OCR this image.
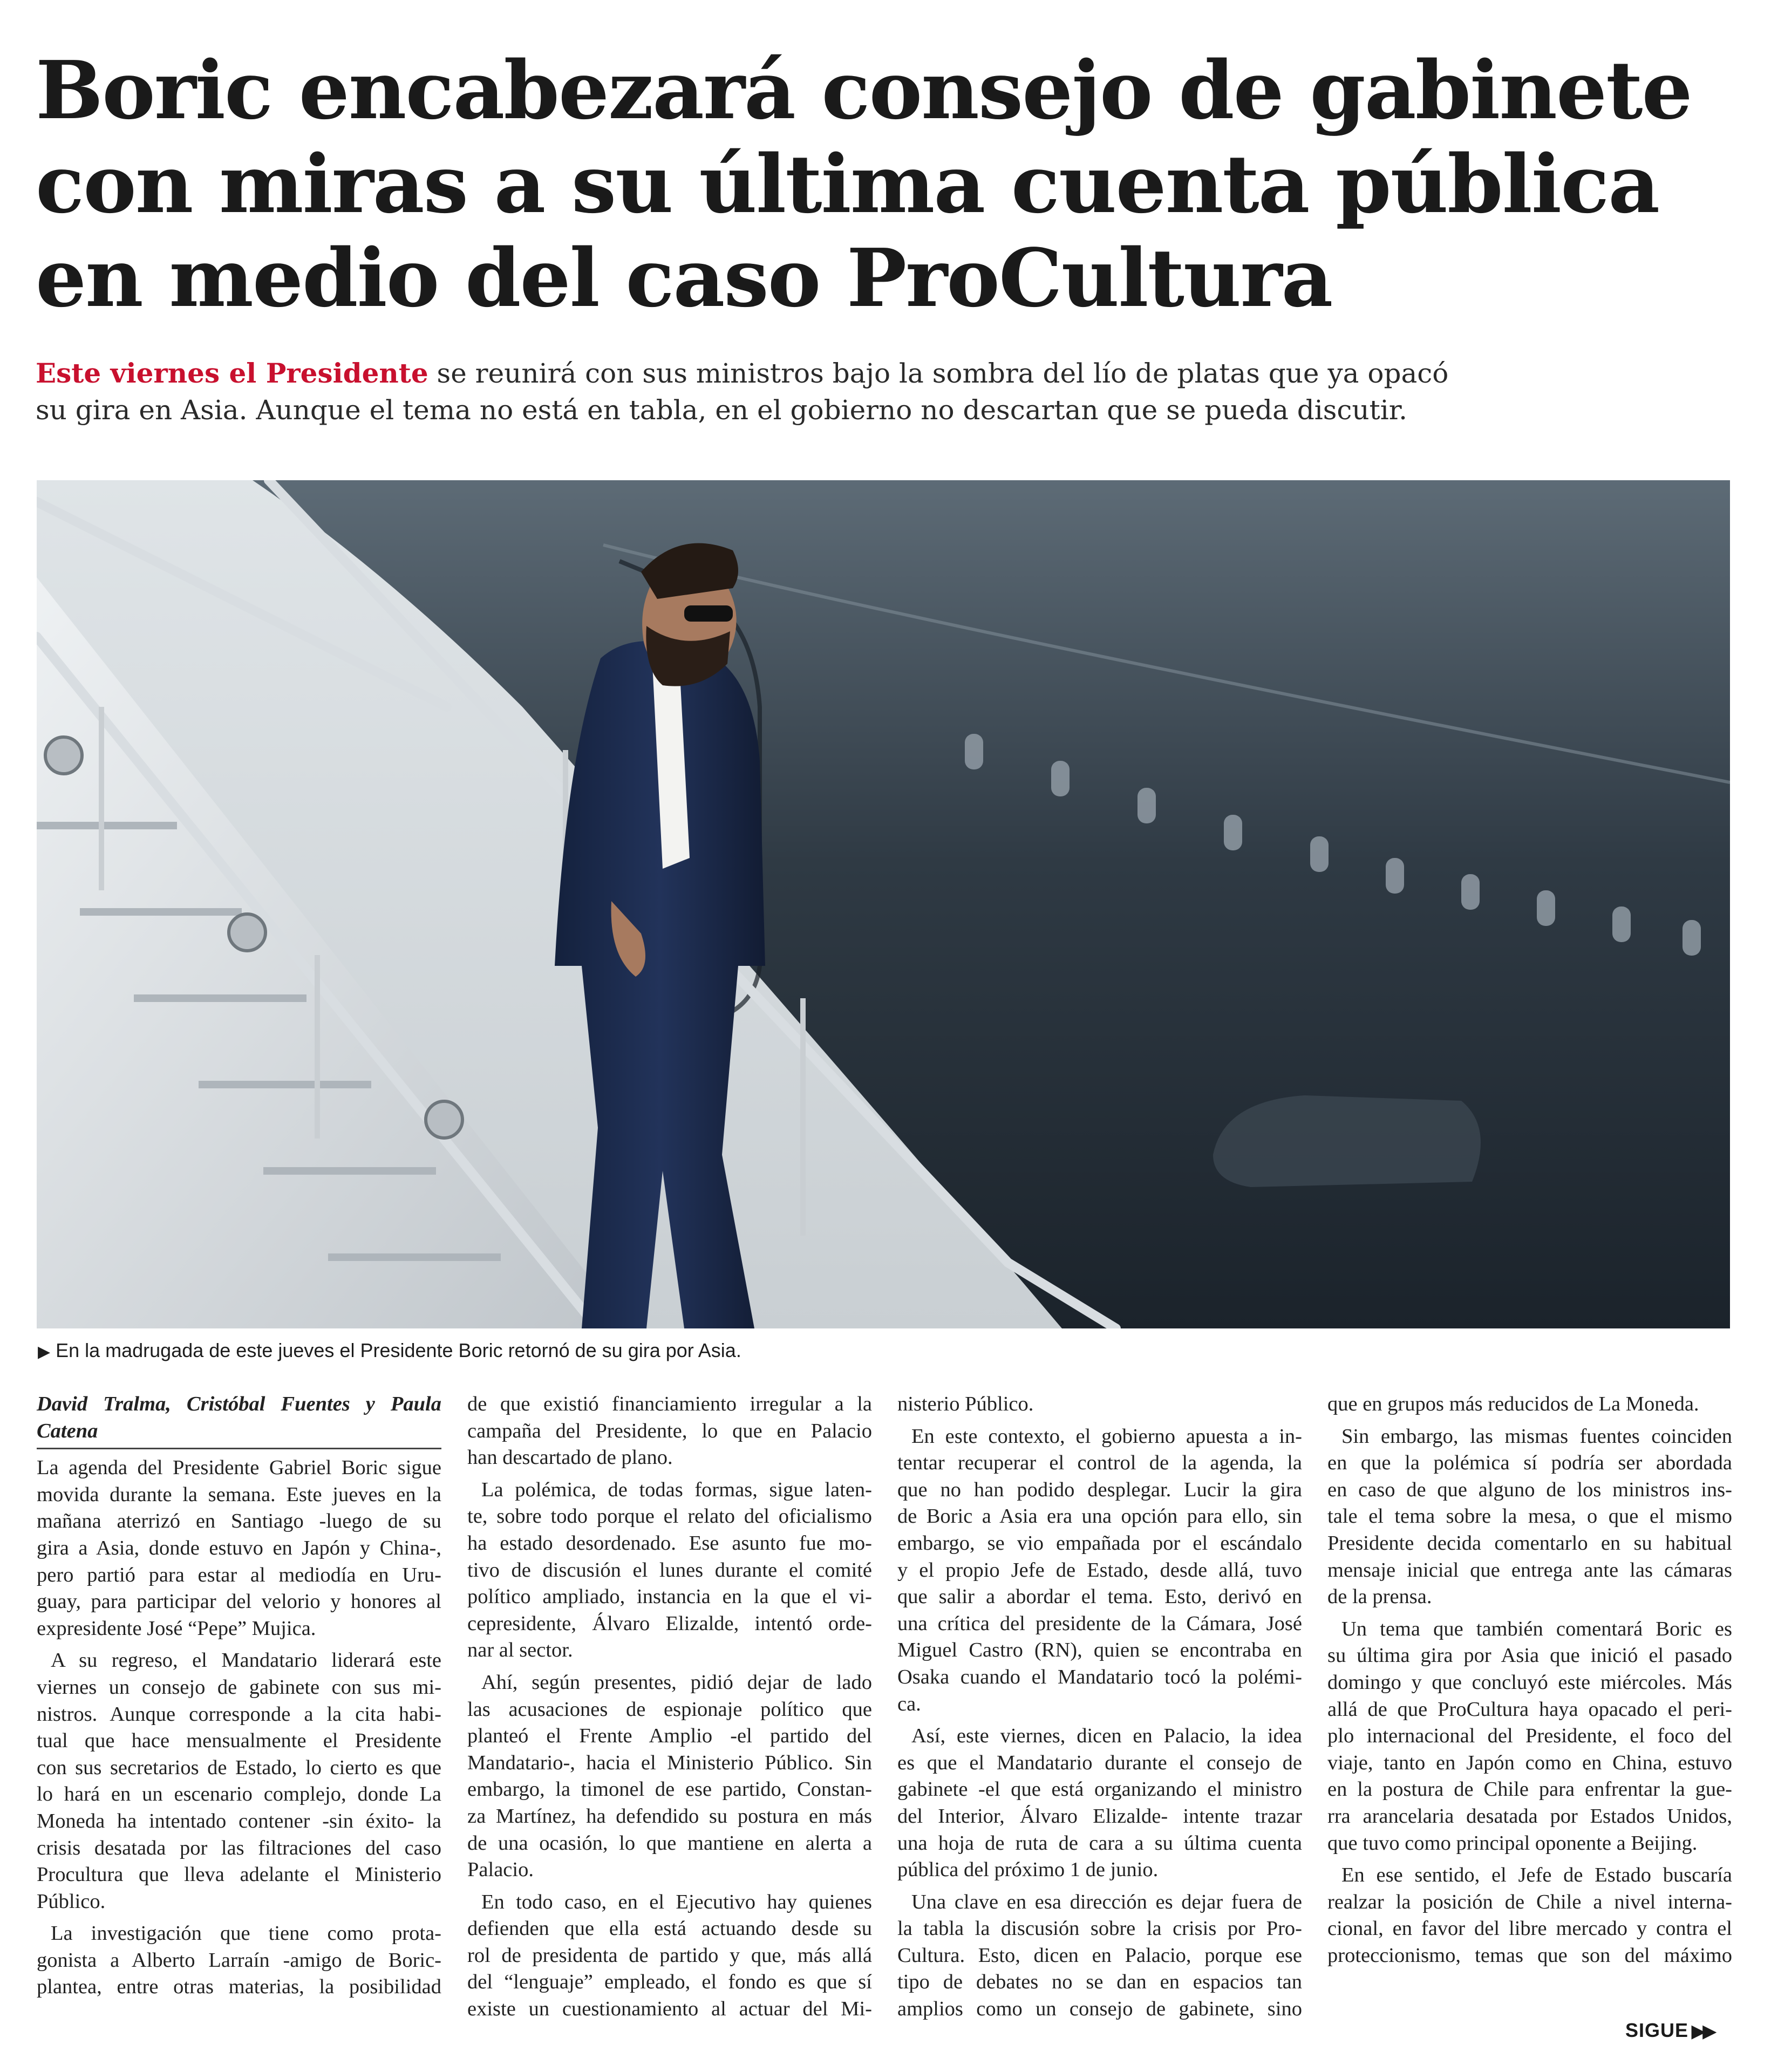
Boric encabezará consejo de gabinete
con miras a su última cuenta pública
en medio del caso ProCultura

Este viernes el Presidente se reunirá con sus ministros bajo la sombra del lío de platas que ya opacó
su gira en Asia. Aunque el tema no está en tabla, en el gobierno no descartan que se pueda discutir.

▶ En la madrugada de este jueves el Presidente Boric retornó de su gira por Asia.
David Tralma, Cristóbal Fuentes y Paula
Catena
La agenda del Presidente Gabriel Boric sigue
movida durante la semana. Este jueves en la
mañana aterrizó en Santiago -luego de su
gira a Asia, donde estuvo en Japón y China-,
pero partió para estar al mediodía en Uru-
guay, para participar del velorio y honores al
expresidente José “Pepe” Mujica.
A su regreso, el Mandatario liderará este
viernes un consejo de gabinete con sus mi-
nistros. Aunque corresponde a la cita habi-
tual que hace mensualmente el Presidente
con sus secretarios de Estado, lo cierto es que
lo hará en un escenario complejo, donde La
Moneda ha intentado contener -sin éxito- la
crisis desatada por las filtraciones del caso
Procultura que lleva adelante el Ministerio
Público.
La investigación que tiene como prota-
gonista a Alberto Larraín -amigo de Boric-
plantea, entre otras materias, la posibilidad
de que existió financiamiento irregular a la
campaña del Presidente, lo que en Palacio
han descartado de plano.
La polémica, de todas formas, sigue laten-
te, sobre todo porque el relato del oficialismo
ha estado desordenado. Ese asunto fue mo-
tivo de discusión el lunes durante el comité
político ampliado, instancia en la que el vi-
cepresidente, Álvaro Elizalde, intentó orde-
nar al sector.
Ahí, según presentes, pidió dejar de lado
las acusaciones de espionaje político que
planteó el Frente Amplio -el partido del
Mandatario-, hacia el Ministerio Público. Sin
embargo, la timonel de ese partido, Constan-
za Martínez, ha defendido su postura en más
de una ocasión, lo que mantiene en alerta a
Palacio.
En todo caso, en el Ejecutivo hay quienes
defienden que ella está actuando desde su
rol de presidenta de partido y que, más allá
del “lenguaje” empleado, el fondo es que sí
existe un cuestionamiento al actuar del Mi-
nisterio Público.
En este contexto, el gobierno apuesta a in-
tentar recuperar el control de la agenda, la
que no han podido desplegar. Lucir la gira
de Boric a Asia era una opción para ello, sin
embargo, se vio empañada por el escándalo
y el propio Jefe de Estado, desde allá, tuvo
que salir a abordar el tema. Esto, derivó en
una crítica del presidente de la Cámara, José
Miguel Castro (RN), quien se encontraba en
Osaka cuando el Mandatario tocó la polémi-
ca.
Así, este viernes, dicen en Palacio, la idea
es que el Mandatario durante el consejo de
gabinete -el que está organizando el ministro
del Interior, Álvaro Elizalde- intente trazar
una hoja de ruta de cara a su última cuenta
pública del próximo 1 de junio.
Una clave en esa dirección es dejar fuera de
la tabla la discusión sobre la crisis por Pro-
Cultura. Esto, dicen en Palacio, porque ese
tipo de debates no se dan en espacios tan
amplios como un consejo de gabinete, sino
que en grupos más reducidos de La Moneda.
Sin embargo, las mismas fuentes coinciden
en que la polémica sí podría ser abordada
en caso de que alguno de los ministros ins-
tale el tema sobre la mesa, o que el mismo
Presidente decida comentarlo en su habitual
mensaje inicial que entrega ante las cámaras
de la prensa.
Un tema que también comentará Boric es
su última gira por Asia que inició el pasado
domingo y que concluyó este miércoles. Más
allá de que ProCultura haya opacado el peri-
plo internacional del Presidente, el foco del
viaje, tanto en Japón como en China, estuvo
en la postura de Chile para enfrentar la gue-
rra arancelaria desatada por Estados Unidos,
que tuvo como principal oponente a Beijing.
En ese sentido, el Jefe de Estado buscaría
realzar la posición de Chile a nivel interna-
cional, en favor del libre mercado y contra el
proteccionismo, temas que son del máximo
SIGUE ▶▶
